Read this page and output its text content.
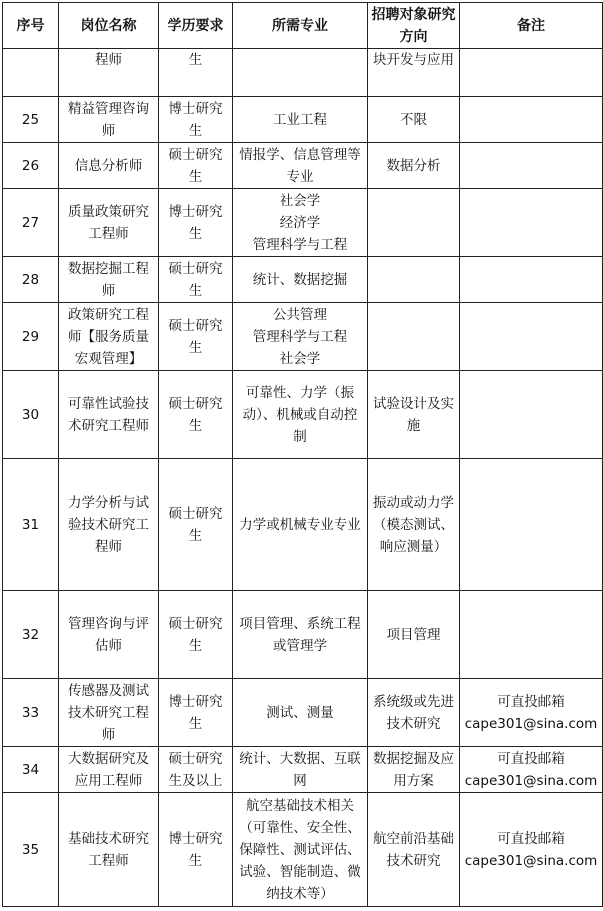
序号	岗位名称	学历要求	所需专业	招聘对象研究方向	备注
	程师	生		块开发与应用	
25	精益管理咨询师	博士研究生	工业工程	不限	
26	信息分析师	硕士研究生	情报学、信息管理等专业	数据分析	
27	质量政策研究工程师	博士研究生	社会学
经济学
管理科学与工程		
28	数据挖掘工程师	硕士研究生	统计、数据挖掘		
29	政策研究工程师【服务质量宏观管理】	硕士研究生	公共管理
管理科学与工程
社会学		
30	可靠性试验技术研究工程师	硕士研究生	可靠性、力学（振动）、机械或自动控制	试验设计及实施	
31	力学分析与试验技术研究工程师	硕士研究生	力学或机械专业专业	振动或动力学（模态测试、响应测量）	
32	管理咨询与评估师	硕士研究生	项目管理、系统工程或管理学	项目管理	
33	传感器及测试技术研究工程师	博士研究生	测试、测量	系统级或先进技术研究	可直投邮箱
cape301@sina.com
34	大数据研究及应用工程师	硕士研究生及以上	统计、大数据、互联网	数据挖掘及应用方案	可直投邮箱
cape301@sina.com
35	基础技术研究工程师	博士研究生	航空基础技术相关（可靠性、安全性、保障性、测试评估、试验、智能制造、微纳技术等）	航空前沿基础技术研究	可直投邮箱
cape301@sina.com
